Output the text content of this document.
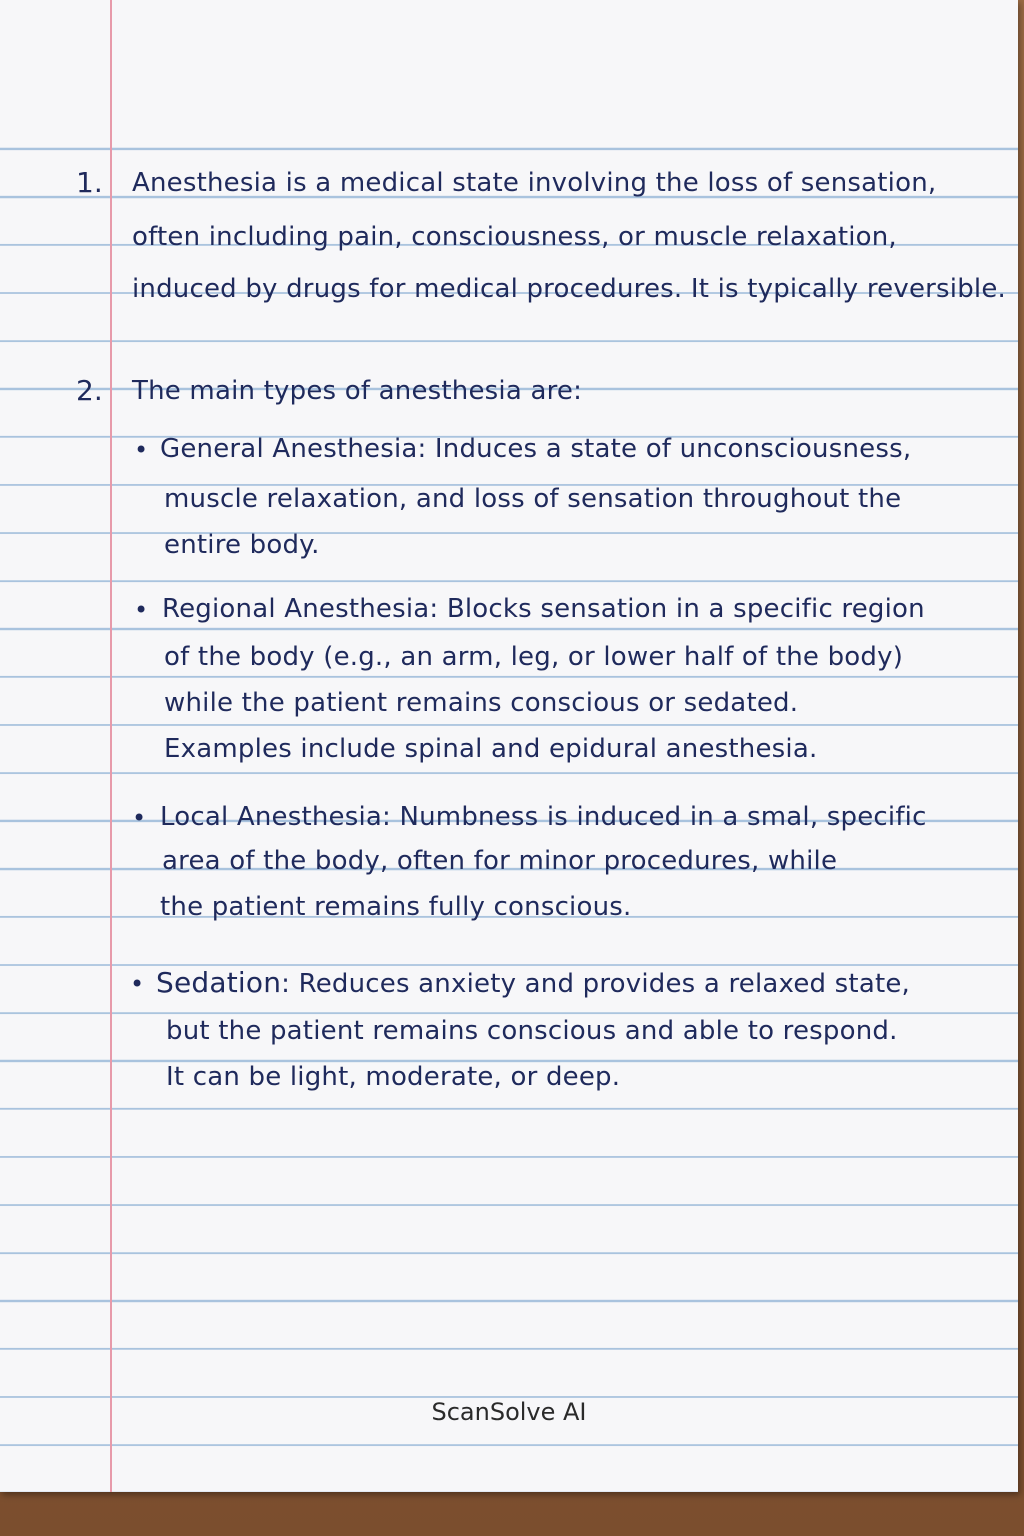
1. Anesthesia is a medical state involving the loss of sensation,
often including pain, consciousness, or muscle relaxation,
induced by drugs for medical procedures. It is typically reversible.
2. The main types of anesthesia are:
• General Anesthesia: Induces a state of unconsciousness,
muscle relaxation, and loss of sensation throughout the
entire body.
• Regional Anesthesia: Blocks sensation in a specific region
of the body (e.g., an arm, leg, or lower half of the body)
while the patient remains conscious or sedated.
Examples include spinal and epidural anesthesia.
• Local Anesthesia: Numbness is induced in a smal, specific
area of the body, often for minor procedures, while
the patient remains fully conscious.
• Sedation: Reduces anxiety and provides a relaxed state,
but the patient remains conscious and able to respond.
It can be light, moderate, or deep.
ScanSolve AI
